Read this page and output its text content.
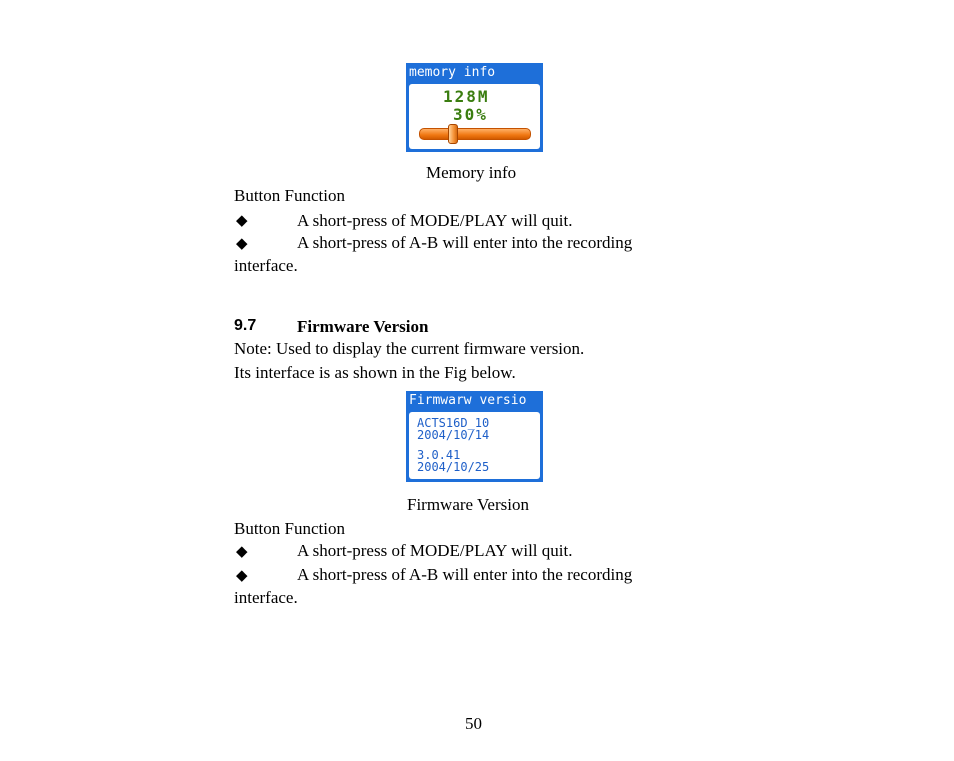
memory info
128M
30%
Memory info
Button Function
◆	A short-press of MODE/PLAY will quit.
◆	A short-press of A-B will enter into the recording
interface.
9.7 Firmware Version
Note: Used to display the current firmware version.
Its interface is as shown in the Fig below.
Firmwarw versio
ACTS16D_10
2004/10/14
3.0.41
2004/10/25
Firmware Version
Button Function
◆	A short-press of MODE/PLAY will quit.
◆	A short-press of A-B will enter into the recording
interface.
50
